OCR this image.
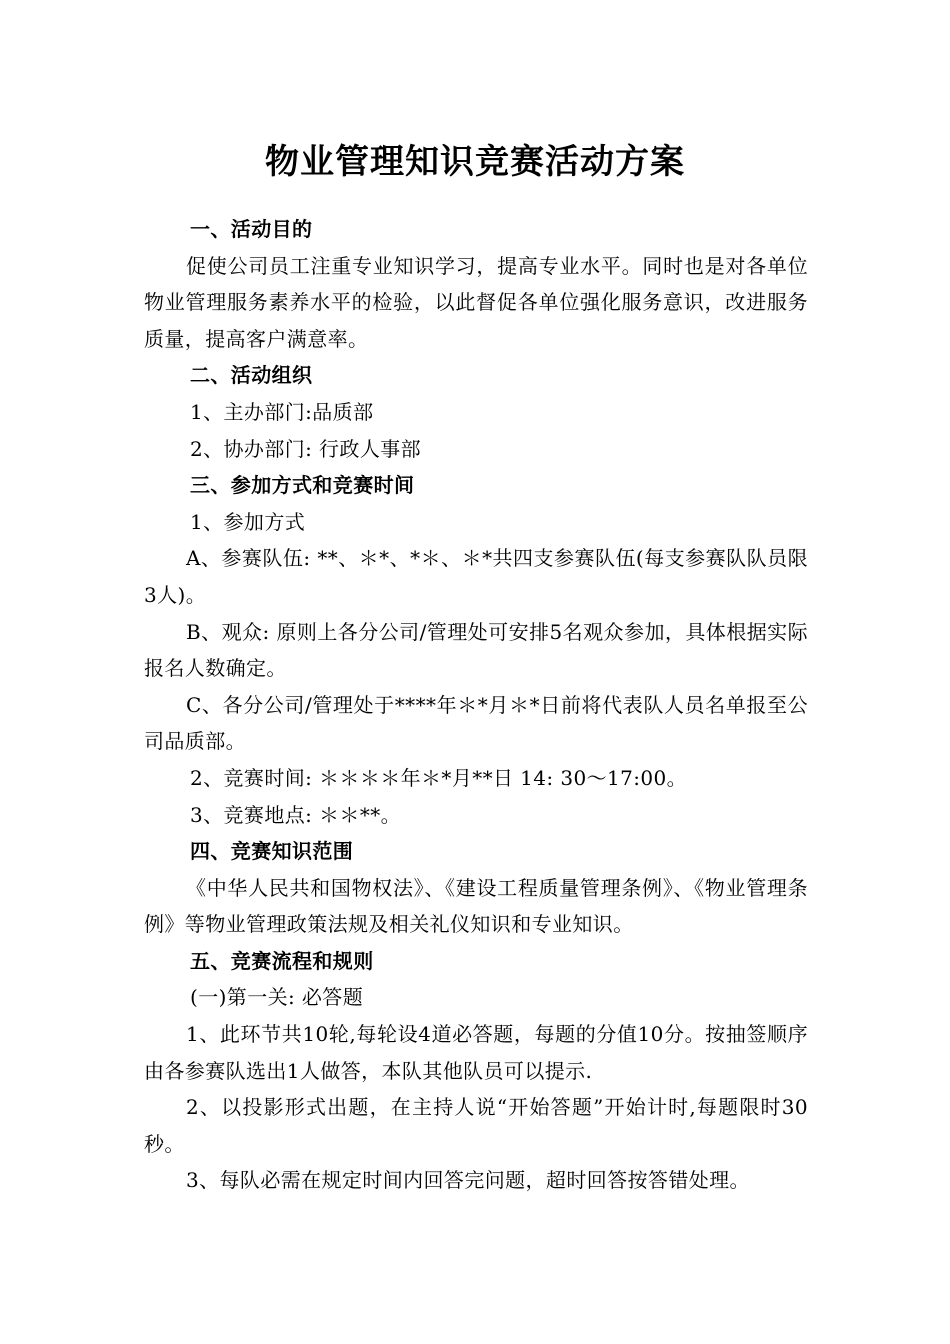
物业管理知识竞赛活动方案

一、活动目的

促使公司员工注重专业知识学习，提高专业水平。同时也是对各单位物业管理服务素养水平的检验，以此督促各单位强化服务意识，改进服务质量，提高客户满意率。

二、活动组织

1、主办部门:品质部

2、协办部门: 行政人事部

三、参加方式和竞赛时间

1、参加方式

A、参赛队伍: **、＊*、*＊、＊*共四支参赛队伍(每支参赛队队员限3人)。

B、观众: 原则上各分公司/管理处可安排5名观众参加，具体根据实际报名人数确定。

C、各分公司/管理处于****年＊*月＊*日前将代表队人员名单报至公司品质部。

2、竞赛时间: ＊＊＊＊年＊*月**日 14: 30～17:00。

3、竞赛地点: ＊＊**。

四、竞赛知识范围

《中华人民共和国物权法》、《建设工程质量管理条例》、《物业管理条例》等物业管理政策法规及相关礼仪知识和专业知识。

五、竞赛流程和规则

(一)第一关: 必答题

1、此环节共10轮,每轮设4道必答题，每题的分值10分。按抽签顺序由各参赛队选出1人做答，本队其他队员可以提示.

2、以投影形式出题，在主持人说“开始答题”开始计时,每题限时30秒。

3、每队必需在规定时间内回答完问题，超时回答按答错处理。
